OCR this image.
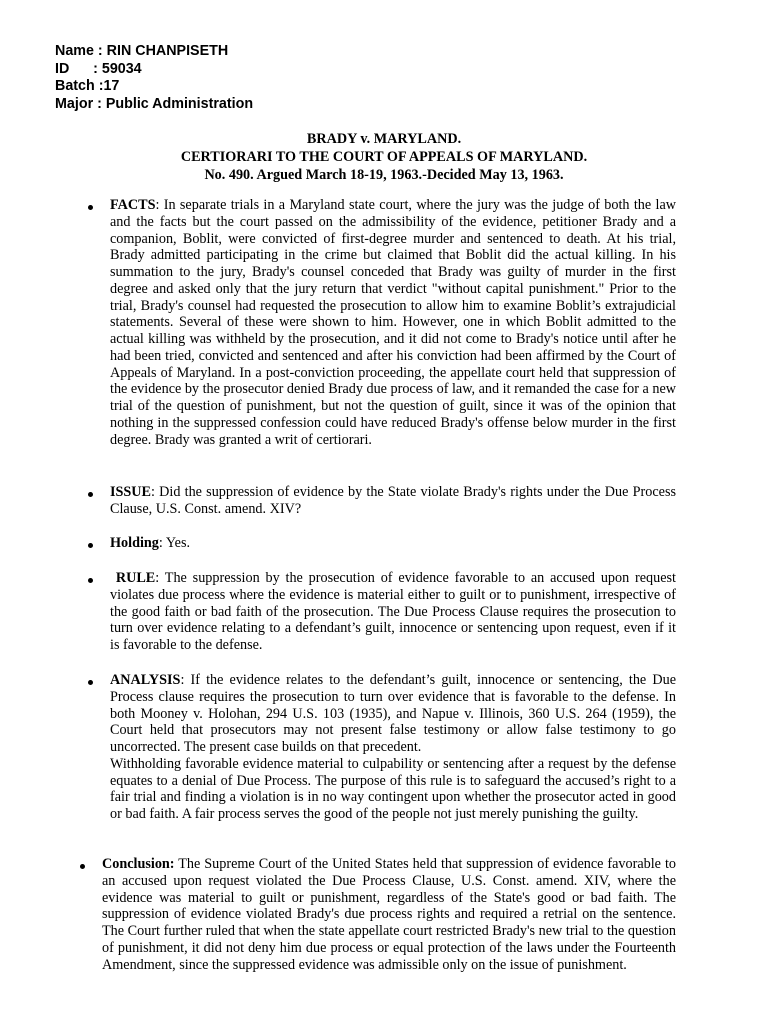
Name : RIN CHANPISETH
ID      : 59034
Batch : 17
Major : Public Administration
BRADY v. MARYLAND.
CERTIORARI TO THE COURT OF APPEALS OF MARYLAND.
No. 490. Argued March 18-19, 1963.-Decided May 13, 1963.

FACTS: In separate trials in a Maryland state court, where the jury was the judge of both the law and the facts but the court passed on the admissibility of the evidence, petitioner Brady and a companion, Boblit, were convicted of first-degree murder and sentenced to death. At his trial, Brady admitted participating in the crime but claimed that Boblit did the actual killing. In his summation to the jury, Brady's counsel conceded that Brady was guilty of murder in the first degree and asked only that the jury return that verdict "without capital punishment." Prior to the trial, Brady's counsel had requested the prosecution to allow him to examine Boblit’s extrajudicial statements. Several of these were shown to him. However, one in which Boblit admitted to the actual killing was withheld by the prosecution, and it did not come to Brady's notice until after he had been tried, convicted and sentenced and after his conviction had been affirmed by the Court of Appeals of Maryland. In a post-conviction proceeding, the appellate court held that suppression of the evidence by the prosecutor denied Brady due process of law, and it remanded the case for a new trial of the question of punishment, but not the question of guilt, since it was of the opinion that nothing in the suppressed confession could have reduced Brady's offense below murder in the first degree. Brady was granted a writ of certiorari.

ISSUE: Did the suppression of evidence by the State violate Brady's rights under the Due Process Clause, U.S. Const. amend. XIV?

Holding: Yes.

RULE: The suppression by the prosecution of evidence favorable to an accused upon request violates due process where the evidence is material either to guilt or to punishment, irrespective of the good faith or bad faith of the prosecution. The Due Process Clause requires the prosecution to turn over evidence relating to a defendant’s guilt, innocence or sentencing upon request, even if it is favorable to the defense.

ANALYSIS: If the evidence relates to the defendant’s guilt, innocence or sentencing, the Due Process clause requires the prosecution to turn over evidence that is favorable to the defense. In both Mooney v. Holohan, 294 U.S. 103 (1935), and Napue v. Illinois, 360 U.S. 264 (1959), the Court held that prosecutors may not present false testimony or allow false testimony to go uncorrected. The present case builds on that precedent.

Withholding favorable evidence material to culpability or sentencing after a request by the defense equates to a denial of Due Process. The purpose of this rule is to safeguard the accused’s right to a fair trial and finding a violation is in no way contingent upon whether the prosecutor acted in good or bad faith. A fair process serves the good of the people not just merely punishing the guilty.

Conclusion: The Supreme Court of the United States held that suppression of evidence favorable to an accused upon request violated the Due Process Clause, U.S. Const. amend. XIV, where the evidence was material to guilt or punishment, regardless of the State's good or bad faith. The suppression of evidence violated Brady's due process rights and required a retrial on the sentence. The Court further ruled that when the state appellate court restricted Brady's new trial to the question of punishment, it did not deny him due process or equal protection of the laws under the Fourteenth Amendment, since the suppressed evidence was admissible only on the issue of punishment.
